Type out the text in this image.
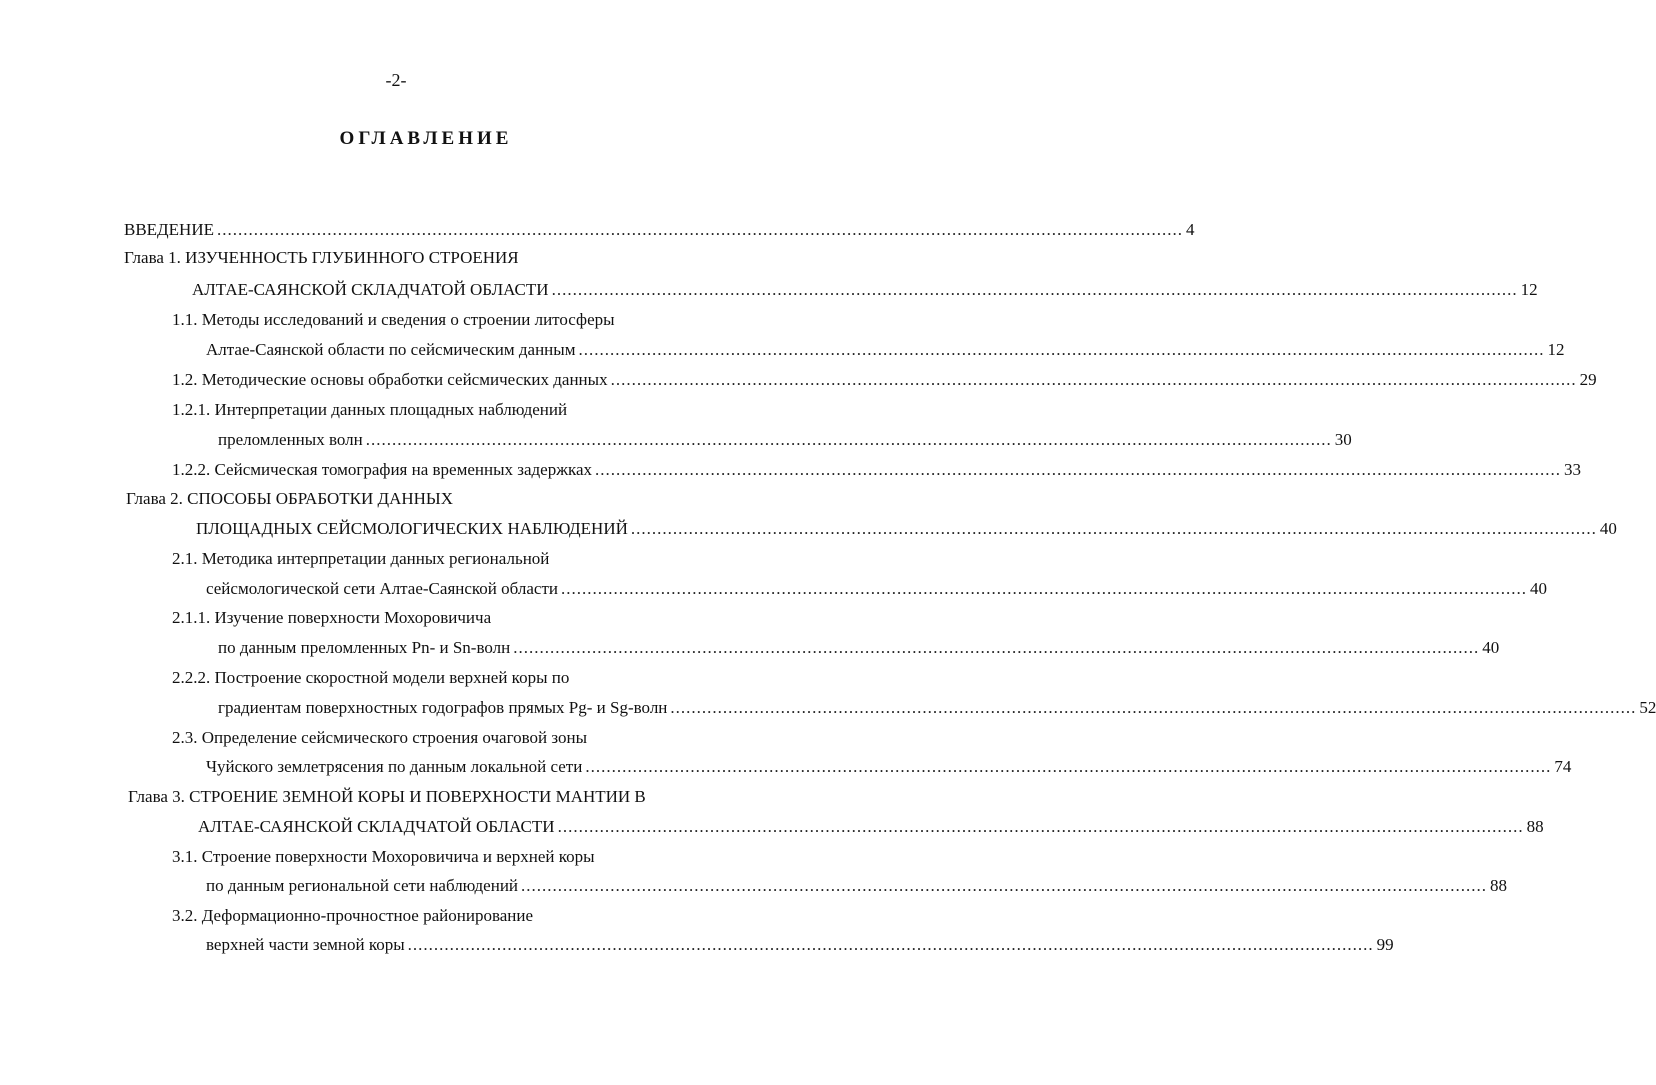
-2-
ОГЛАВЛЕНИЕ
ВВЕДЕНИЕ ........................................................................................................................................................................................ 4
Глава 1. ИЗУЧЕННОСТЬ ГЛУБИННОГО СТРОЕНИЯ
АЛТАЕ-САЯНСКОЙ СКЛАДЧАТОЙ ОБЛАСТИ ........................................................................................................................................................................................ 12
1.1. Методы исследований и сведения о строении литосферы
Алтае-Саянской области по сейсмическим данным ........................................................................................................................................................................................ 12
1.2. Методические основы обработки сейсмических данных ........................................................................................................................................................................................ 29
1.2.1. Интерпретации данных площадных наблюдений
преломленных волн ........................................................................................................................................................................................ 30
1.2.2. Сейсмическая томография на временных задержках ........................................................................................................................................................................................ 33
Глава 2. СПОСОБЫ ОБРАБОТКИ ДАННЫХ
ПЛОЩАДНЫХ СЕЙСМОЛОГИЧЕСКИХ НАБЛЮДЕНИЙ ........................................................................................................................................................................................ 40
2.1. Методика интерпретации данных региональной
сейсмологической сети Алтае-Саянской области ........................................................................................................................................................................................ 40
2.1.1. Изучение поверхности Мохоровичича
по данным преломленных Pn- и Sn-волн ........................................................................................................................................................................................ 40
2.2.2. Построение скоростной модели верхней коры по
градиентам поверхностных годографов прямых Pg- и Sg-волн ........................................................................................................................................................................................ 52
2.3. Определение сейсмического строения очаговой зоны
Чуйского землетрясения по данным локальной сети ........................................................................................................................................................................................ 74
Глава 3. СТРОЕНИЕ ЗЕМНОЙ КОРЫ И ПОВЕРХНОСТИ МАНТИИ В
АЛТАЕ-САЯНСКОЙ СКЛАДЧАТОЙ ОБЛАСТИ ........................................................................................................................................................................................ 88
3.1. Строение поверхности Мохоровичича и верхней коры
по данным региональной сети наблюдений ........................................................................................................................................................................................ 88
3.2. Деформационно-прочностное районирование
верхней части земной коры ........................................................................................................................................................................................ 99
